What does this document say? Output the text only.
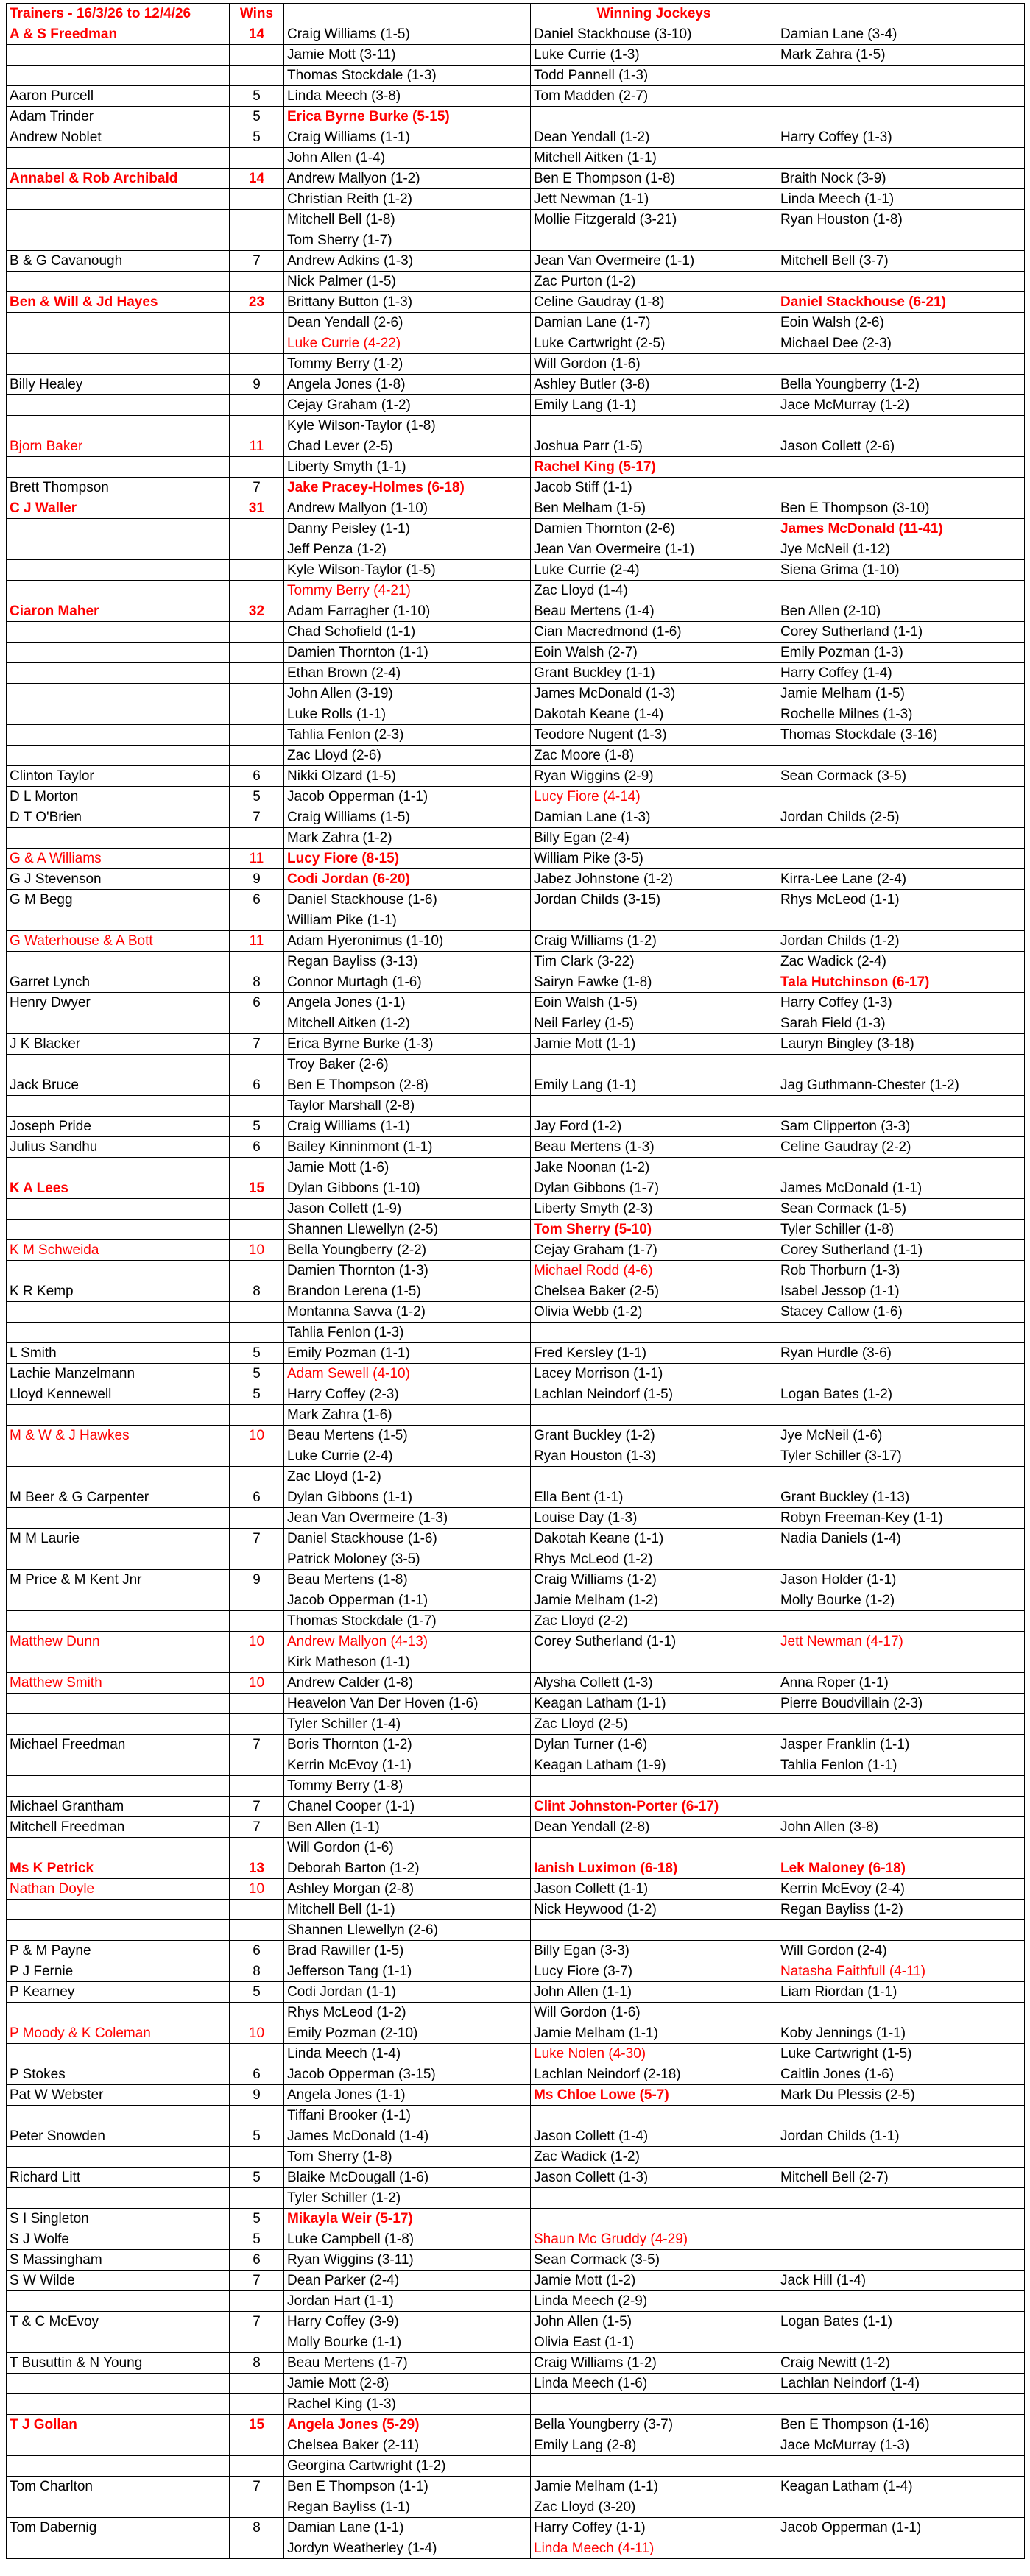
Trainers - 16/3/26 to 12/4/26	Wins		Winning Jockeys	
A & S Freedman	14	Craig Williams (1-5)	Daniel Stackhouse (3-10)	Damian Lane (3-4)
		Jamie Mott (3-11)	Luke Currie (1-3)	Mark Zahra (1-5)
		Thomas Stockdale (1-3)	Todd Pannell (1-3)	
Aaron Purcell	5	Linda Meech (3-8)	Tom Madden (2-7)	
Adam Trinder	5	Erica Byrne Burke (5-15)		
Andrew Noblet	5	Craig Williams (1-1)	Dean Yendall (1-2)	Harry Coffey (1-3)
		John Allen (1-4)	Mitchell Aitken (1-1)	
Annabel & Rob Archibald	14	Andrew Mallyon (1-2)	Ben E Thompson (1-8)	Braith Nock (3-9)
		Christian Reith (1-2)	Jett Newman (1-1)	Linda Meech (1-1)
		Mitchell Bell (1-8)	Mollie Fitzgerald (3-21)	Ryan Houston (1-8)
		Tom Sherry (1-7)		
B & G Cavanough	7	Andrew Adkins (1-3)	Jean Van Overmeire (1-1)	Mitchell Bell (3-7)
		Nick Palmer (1-5)	Zac Purton (1-2)	
Ben & Will & Jd Hayes	23	Brittany Button (1-3)	Celine Gaudray (1-8)	Daniel Stackhouse (6-21)
		Dean Yendall (2-6)	Damian Lane (1-7)	Eoin Walsh (2-6)
		Luke Currie (4-22)	Luke Cartwright (2-5)	Michael Dee (2-3)
		Tommy Berry (1-2)	Will Gordon (1-6)	
Billy Healey	9	Angela Jones (1-8)	Ashley Butler (3-8)	Bella Youngberry (1-2)
		Cejay Graham (1-2)	Emily Lang (1-1)	Jace McMurray (1-2)
		Kyle Wilson-Taylor (1-8)		
Bjorn Baker	11	Chad Lever (2-5)	Joshua Parr (1-5)	Jason Collett (2-6)
		Liberty Smyth (1-1)	Rachel King (5-17)	
Brett Thompson	7	Jake Pracey-Holmes (6-18)	Jacob Stiff (1-1)	
C J Waller	31	Andrew Mallyon (1-10)	Ben Melham (1-5)	Ben E Thompson (3-10)
		Danny Peisley (1-1)	Damien Thornton (2-6)	James McDonald (11-41)
		Jeff Penza (1-2)	Jean Van Overmeire (1-1)	Jye McNeil (1-12)
		Kyle Wilson-Taylor (1-5)	Luke Currie (2-4)	Siena Grima (1-10)
		Tommy Berry (4-21)	Zac Lloyd (1-4)	
Ciaron Maher	32	Adam Farragher (1-10)	Beau Mertens (1-4)	Ben Allen (2-10)
		Chad Schofield (1-1)	Cian Macredmond (1-6)	Corey Sutherland (1-1)
		Damien Thornton (1-1)	Eoin Walsh (2-7)	Emily Pozman (1-3)
		Ethan Brown (2-4)	Grant Buckley (1-1)	Harry Coffey (1-4)
		John Allen (3-19)	James McDonald (1-3)	Jamie Melham (1-5)
		Luke Rolls (1-1)	Dakotah Keane (1-4)	Rochelle Milnes (1-3)
		Tahlia Fenlon (2-3)	Teodore Nugent (1-3)	Thomas Stockdale (3-16)
		Zac Lloyd (2-6)	Zac Moore (1-8)	
Clinton Taylor	6	Nikki Olzard (1-5)	Ryan Wiggins (2-9)	Sean Cormack (3-5)
D L Morton	5	Jacob Opperman (1-1)	Lucy Fiore (4-14)	
D T O'Brien	7	Craig Williams (1-5)	Damian Lane (1-3)	Jordan Childs (2-5)
		Mark Zahra (1-2)	Billy Egan (2-4)	
G & A Williams	11	Lucy Fiore (8-15)	William Pike (3-5)	
G J Stevenson	9	Codi Jordan (6-20)	Jabez Johnstone (1-2)	Kirra-Lee Lane (2-4)
G M Begg	6	Daniel Stackhouse (1-6)	Jordan Childs (3-15)	Rhys McLeod (1-1)
		William Pike (1-1)		
G Waterhouse & A Bott	11	Adam Hyeronimus (1-10)	Craig Williams (1-2)	Jordan Childs (1-2)
		Regan Bayliss (3-13)	Tim Clark (3-22)	Zac Wadick (2-4)
Garret Lynch	8	Connor Murtagh (1-6)	Sairyn Fawke (1-8)	Tala Hutchinson (6-17)
Henry Dwyer	6	Angela Jones (1-1)	Eoin Walsh (1-5)	Harry Coffey (1-3)
		Mitchell Aitken (1-2)	Neil Farley (1-5)	Sarah Field (1-3)
J K Blacker	7	Erica Byrne Burke (1-3)	Jamie Mott (1-1)	Lauryn Bingley (3-18)
		Troy Baker (2-6)		
Jack Bruce	6	Ben E Thompson (2-8)	Emily Lang (1-1)	Jag Guthmann-Chester (1-2)
		Taylor Marshall (2-8)		
Joseph Pride	5	Craig Williams (1-1)	Jay Ford (1-2)	Sam Clipperton (3-3)
Julius Sandhu	6	Bailey Kinninmont (1-1)	Beau Mertens (1-3)	Celine Gaudray (2-2)
		Jamie Mott (1-6)	Jake Noonan (1-2)	
K A Lees	15	Dylan Gibbons (1-10)	Dylan Gibbons (1-7)	James McDonald (1-1)
		Jason Collett (1-9)	Liberty Smyth (2-3)	Sean Cormack (1-5)
		Shannen Llewellyn (2-5)	Tom Sherry (5-10)	Tyler Schiller (1-8)
K M Schweida	10	Bella Youngberry (2-2)	Cejay Graham (1-7)	Corey Sutherland (1-1)
		Damien Thornton (1-3)	Michael Rodd (4-6)	Rob Thorburn (1-3)
K R Kemp	8	Brandon Lerena (1-5)	Chelsea Baker (2-5)	Isabel Jessop (1-1)
		Montanna Savva (1-2)	Olivia Webb (1-2)	Stacey Callow (1-6)
		Tahlia Fenlon (1-3)		
L Smith	5	Emily Pozman (1-1)	Fred Kersley (1-1)	Ryan Hurdle (3-6)
Lachie Manzelmann	5	Adam Sewell (4-10)	Lacey Morrison (1-1)	
Lloyd Kennewell	5	Harry Coffey (2-3)	Lachlan Neindorf (1-5)	Logan Bates (1-2)
		Mark Zahra (1-6)		
M & W & J Hawkes	10	Beau Mertens (1-5)	Grant Buckley (1-2)	Jye McNeil (1-6)
		Luke Currie (2-4)	Ryan Houston (1-3)	Tyler Schiller (3-17)
		Zac Lloyd (1-2)		
M Beer & G Carpenter	6	Dylan Gibbons (1-1)	Ella Bent (1-1)	Grant Buckley (1-13)
		Jean Van Overmeire (1-3)	Louise Day (1-3)	Robyn Freeman-Key (1-1)
M M Laurie	7	Daniel Stackhouse (1-6)	Dakotah Keane (1-1)	Nadia Daniels (1-4)
		Patrick Moloney (3-5)	Rhys McLeod (1-2)	
M Price & M Kent Jnr	9	Beau Mertens (1-8)	Craig Williams (1-2)	Jason Holder (1-1)
		Jacob Opperman (1-1)	Jamie Melham (1-2)	Molly Bourke (1-2)
		Thomas Stockdale (1-7)	Zac Lloyd (2-2)	
Matthew Dunn	10	Andrew Mallyon (4-13)	Corey Sutherland (1-1)	Jett Newman (4-17)
		Kirk Matheson (1-1)		
Matthew Smith	10	Andrew Calder (1-8)	Alysha Collett (1-3)	Anna Roper (1-1)
		Heavelon Van Der Hoven (1-6)	Keagan Latham (1-1)	Pierre Boudvillain (2-3)
		Tyler Schiller (1-4)	Zac Lloyd (2-5)	
Michael Freedman	7	Boris Thornton (1-2)	Dylan Turner (1-6)	Jasper Franklin (1-1)
		Kerrin McEvoy (1-1)	Keagan Latham (1-9)	Tahlia Fenlon (1-1)
		Tommy Berry (1-8)		
Michael Grantham	7	Chanel Cooper (1-1)	Clint Johnston-Porter (6-17)	
Mitchell Freedman	7	Ben Allen (1-1)	Dean Yendall (2-8)	John Allen (3-8)
		Will Gordon (1-6)		
Ms K Petrick	13	Deborah Barton (1-2)	Ianish Luximon (6-18)	Lek Maloney (6-18)
Nathan Doyle	10	Ashley Morgan (2-8)	Jason Collett (1-1)	Kerrin McEvoy (2-4)
		Mitchell Bell (1-1)	Nick Heywood (1-2)	Regan Bayliss (1-2)
		Shannen Llewellyn (2-6)		
P & M Payne	6	Brad Rawiller (1-5)	Billy Egan (3-3)	Will Gordon (2-4)
P J Fernie	8	Jefferson Tang (1-1)	Lucy Fiore (3-7)	Natasha Faithfull (4-11)
P Kearney	5	Codi Jordan (1-1)	John Allen (1-1)	Liam Riordan (1-1)
		Rhys McLeod (1-2)	Will Gordon (1-6)	
P Moody & K Coleman	10	Emily Pozman (2-10)	Jamie Melham (1-1)	Koby Jennings (1-1)
		Linda Meech (1-4)	Luke Nolen (4-30)	Luke Cartwright (1-5)
P Stokes	6	Jacob Opperman (3-15)	Lachlan Neindorf (2-18)	Caitlin Jones (1-6)
Pat W Webster	9	Angela Jones (1-1)	Ms Chloe Lowe (5-7)	Mark Du Plessis (2-5)
		Tiffani Brooker (1-1)		
Peter Snowden	5	James McDonald (1-4)	Jason Collett (1-4)	Jordan Childs (1-1)
		Tom Sherry (1-8)	Zac Wadick (1-2)	
Richard Litt	5	Blaike McDougall (1-6)	Jason Collett (1-3)	Mitchell Bell (2-7)
		Tyler Schiller (1-2)		
S I Singleton	5	Mikayla Weir (5-17)		
S J Wolfe	5	Luke Campbell (1-8)	Shaun Mc Gruddy (4-29)	
S Massingham	6	Ryan Wiggins (3-11)	Sean Cormack (3-5)	
S W Wilde	7	Dean Parker (2-4)	Jamie Mott (1-2)	Jack Hill (1-4)
		Jordan Hart (1-1)	Linda Meech (2-9)	
T & C McEvoy	7	Harry Coffey (3-9)	John Allen (1-5)	Logan Bates (1-1)
		Molly Bourke (1-1)	Olivia East (1-1)	
T Busuttin & N Young	8	Beau Mertens (1-7)	Craig Williams (1-2)	Craig Newitt (1-2)
		Jamie Mott (2-8)	Linda Meech (1-6)	Lachlan Neindorf (1-4)
		Rachel King (1-3)		
T J Gollan	15	Angela Jones (5-29)	Bella Youngberry (3-7)	Ben E Thompson (1-16)
		Chelsea Baker (2-11)	Emily Lang (2-8)	Jace McMurray (1-3)
		Georgina Cartwright (1-2)		
Tom Charlton	7	Ben E Thompson (1-1)	Jamie Melham (1-1)	Keagan Latham (1-4)
		Regan Bayliss (1-1)	Zac Lloyd (3-20)	
Tom Dabernig	8	Damian Lane (1-1)	Harry Coffey (1-1)	Jacob Opperman (1-1)
		Jordyn Weatherley (1-4)	Linda Meech (4-11)	
